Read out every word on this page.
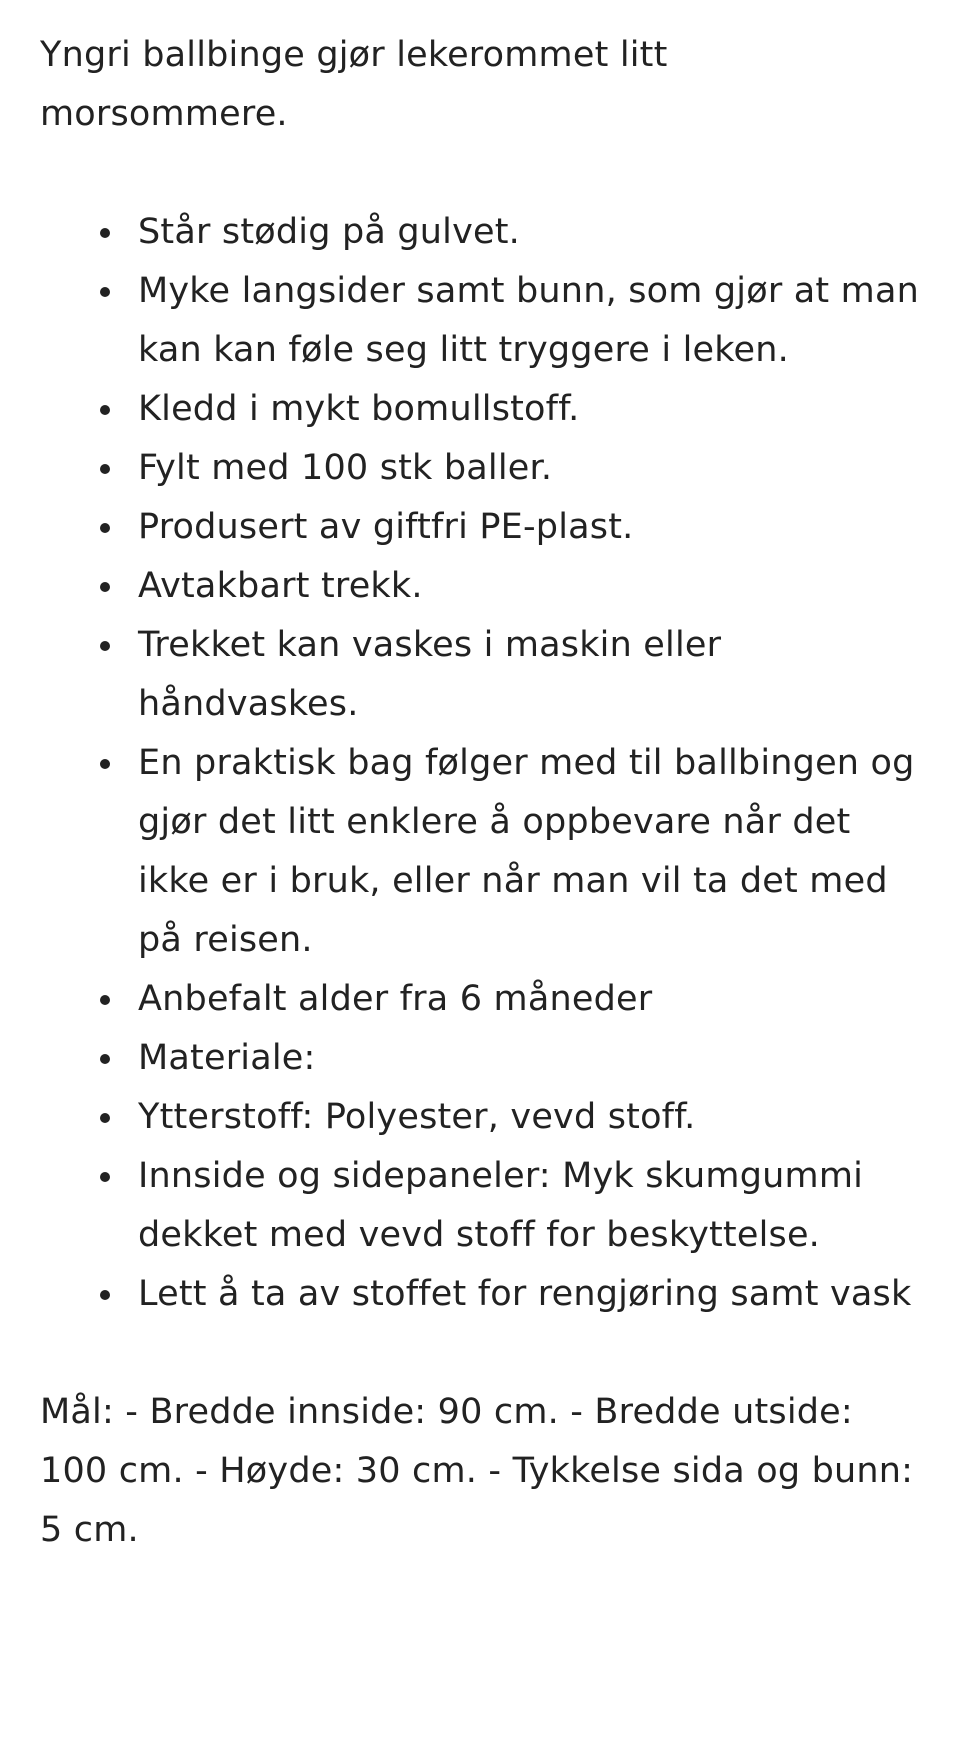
Yngri ballbinge gjør lekerommet litt morsommere.

Står stødig på gulvet.
Myke langsider samt bunn, som gjør at man kan kan føle seg litt tryggere i leken.
Kledd i mykt bomullstoff.
Fylt med 100 stk baller.
Produsert av giftfri PE-plast.
Avtakbart trekk.
Trekket kan vaskes i maskin eller håndvaskes.
En praktisk bag følger med til ballbingen og gjør det litt enklere å oppbevare når det ikke er i bruk, eller når man vil ta det med på reisen.
Anbefalt alder fra 6 måneder
Materiale:
Ytterstoff: Polyester, vevd stoff.
Innside og sidepaneler: Myk skumgummi dekket med vevd stoff for beskyttelse.
Lett å ta av stoffet for rengjøring samt vask

Mål: - Bredde innside: 90 cm. - Bredde utside: 100 cm. - Høyde: 30 cm. - Tykkelse sida og bunn: 5 cm.
